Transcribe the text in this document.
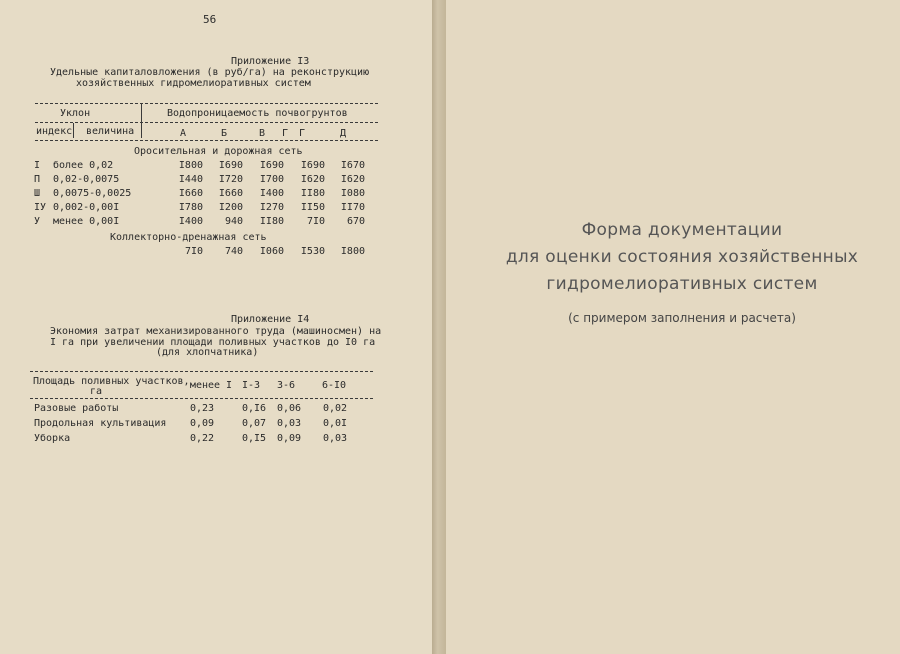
56
Приложение I3
Удельные капиталовложения (в руб/га) на реконструкцию
хозяйственных гидромелиоративных систем
Уклон	Водопроницаемость почвогрунтов
индекс величина	А	Б	В Г Г	Д
Оросительная и дорожная сеть
I более 0,02	I800 I690 I690 I690 I670
П 0,02-0,0075	I440 I720 I700 I620 I620
Ш 0,0075-0,0025	I660 I660 I400 II80 I080
IУ 0,002-0,00I	I780 I200 I270 II50 II70
У менее 0,00I	I400 940 II80 7I0 670
Коллекторно-дренажная сеть
7I0 740 I060 I530 I800
Приложение I4
Экономия затрат механизированного труда (машиносмен) на
I га при увеличении площади поливных участков до I0 га
(для хлопчатника)
Площадь поливных участков,
га
менее I I-3 3-6	6-I0
Разовые работы	0,23	0,I6 0,06 0,02
Продольная культивация 0,09	0,07 0,03 0,0I
Уборка	0,22	0,I5 0,09 0,03
Форма документации
для оценки состояния хозяйственных
гидромелиоративных систем
(с примером заполнения и расчета)
